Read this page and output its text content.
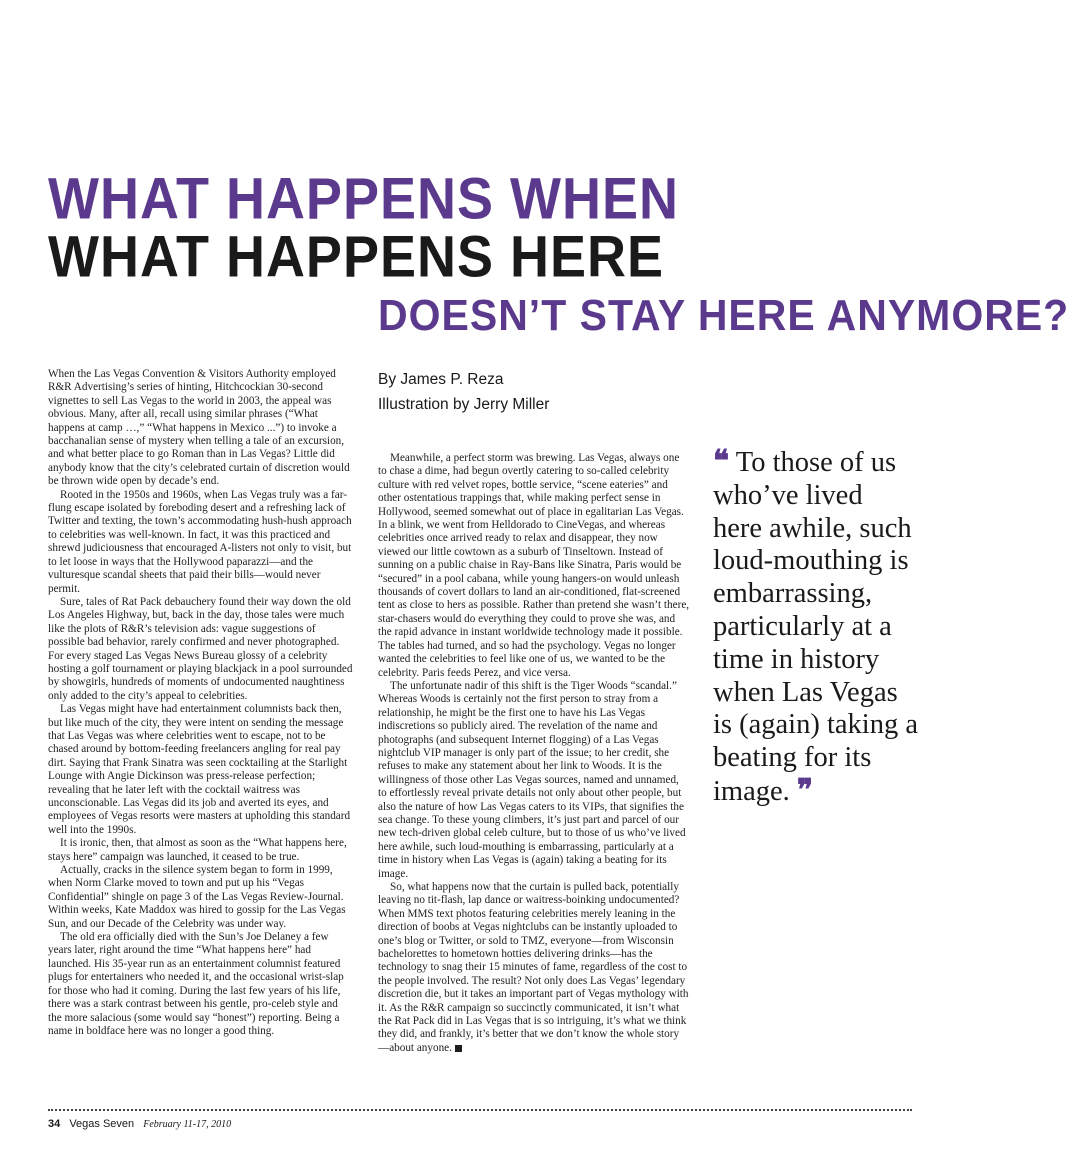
WHAT HAPPENS WHEN
WHAT HAPPENS HERE
DOESN’T STAY HERE ANYMORE?
By James P. Reza
Illustration by Jerry Miller

When the Las Vegas Convention & Visitors Authority employed R&R Advertising’s series of hinting, Hitchcockian 30-second vignettes to sell Las Vegas to the world in 2003, the appeal was obvious. Many, after all, recall using similar phrases (“What happens at camp …,” “What happens in Mexico ...”) to invoke a bacchanalian sense of mystery when telling a tale of an excursion, and what better place to go Roman than in Las Vegas? Little did anybody know that the city’s celebrated curtain of discretion would be thrown wide open by decade’s end.

Rooted in the 1950s and 1960s, when Las Vegas truly was a far-flung escape isolated by foreboding desert and a refreshing lack of Twitter and texting, the town’s accommodating hush-hush approach to celebrities was well-known. In fact, it was this practiced and shrewd judiciousness that encouraged A-listers not only to visit, but to let loose in ways that the Hollywood paparazzi—and the vulturesque scandal sheets that paid their bills—would never permit.

Sure, tales of Rat Pack debauchery found their way down the old Los Angeles Highway, but, back in the day, those tales were much like the plots of R&R’s television ads: vague suggestions of possible bad behavior, rarely confirmed and never photographed. For every staged Las Vegas News Bureau glossy of a celebrity hosting a golf tournament or playing blackjack in a pool surrounded by showgirls, hundreds of moments of undocumented naughtiness only added to the city’s appeal to celebrities.

Las Vegas might have had entertainment columnists back then, but like much of the city, they were intent on sending the message that Las Vegas was where celebrities went to escape, not to be chased around by bottom-feeding freelancers angling for real pay dirt. Saying that Frank Sinatra was seen cocktailing at the Starlight Lounge with Angie Dickinson was press-release perfection; revealing that he later left with the cocktail waitress was unconscionable. Las Vegas did its job and averted its eyes, and employees of Vegas resorts were masters at upholding this standard well into the 1990s.

It is ironic, then, that almost as soon as the “What happens here, stays here” campaign was launched, it ceased to be true.

Actually, cracks in the silence system began to form in 1999, when Norm Clarke moved to town and put up his “Vegas Confidential” shingle on page 3 of the Las Vegas Review-Journal. Within weeks, Kate Maddox was hired to gossip for the Las Vegas Sun, and our Decade of the Celebrity was under way.

The old era officially died with the Sun’s Joe Delaney a few years later, right around the time “What happens here” had launched. His 35-year run as an entertainment columnist featured plugs for entertainers who needed it, and the occasional wrist-slap for those who had it coming. During the last few years of his life, there was a stark contrast between his gentle, pro-celeb style and the more salacious (some would say “honest”) reporting. Being a name in boldface here was no longer a good thing.

Meanwhile, a perfect storm was brewing. Las Vegas, always one to chase a dime, had begun overtly catering to so-called celebrity culture with red velvet ropes, bottle service, “scene eateries” and other ostentatious trappings that, while making perfect sense in Hollywood, seemed somewhat out of place in egalitarian Las Vegas. In a blink, we went from Helldorado to CineVegas, and whereas celebrities once arrived ready to relax and disappear, they now viewed our little cowtown as a suburb of Tinseltown. Instead of sunning on a public chaise in Ray-Bans like Sinatra, Paris would be “secured” in a pool cabana, while young hangers-on would unleash thousands of covert dollars to land an air-conditioned, flat-screened tent as close to hers as possible. Rather than pretend she wasn’t there, star-chasers would do everything they could to prove she was, and the rapid advance in instant worldwide technology made it possible. The tables had turned, and so had the psychology. Vegas no longer wanted the celebrities to feel like one of us, we wanted to be the celebrity. Paris feeds Perez, and vice versa.

The unfortunate nadir of this shift is the Tiger Woods “scandal.” Whereas Woods is certainly not the first person to stray from a relationship, he might be the first one to have his Las Vegas indiscretions so publicly aired. The revelation of the name and photographs (and subsequent Internet flogging) of a Las Vegas nightclub VIP manager is only part of the issue; to her credit, she refuses to make any statement about her link to Woods. It is the willingness of those other Las Vegas sources, named and unnamed, to effortlessly reveal private details not only about other people, but also the nature of how Las Vegas caters to its VIPs, that signifies the sea change. To these young climbers, it’s just part and parcel of our new tech-driven global celeb culture, but to those of us who’ve lived here awhile, such loud-mouthing is embarrassing, particularly at a time in history when Las Vegas is (again) taking a beating for its image.

So, what happens now that the curtain is pulled back, potentially leaving no tit-flash, lap dance or waitress-boinking undocumented? When MMS text photos featuring celebrities merely leaning in the direction of boobs at Vegas nightclubs can be instantly uploaded to one’s blog or Twitter, or sold to TMZ, everyone—from Wisconsin bachelorettes to hometown hotties delivering drinks—has the technology to snag their 15 minutes of fame, regardless of the cost to the people involved. The result? Not only does Las Vegas’ legendary discretion die, but it takes an important part of Vegas mythology with it. As the R&R campaign so succinctly communicated, it isn’t what the Rat Pack did in Las Vegas that is so intriguing, it’s what we think they did, and frankly, it’s better that we don’t know the whole story—about anyone.

❝ To those of us who’ve lived here awhile, such loud-mouthing is embarrassing, particularly at a time in history when Las Vegas is (again) taking a beating for its image. ❞
34 Vegas Seven February 11-17, 2010
